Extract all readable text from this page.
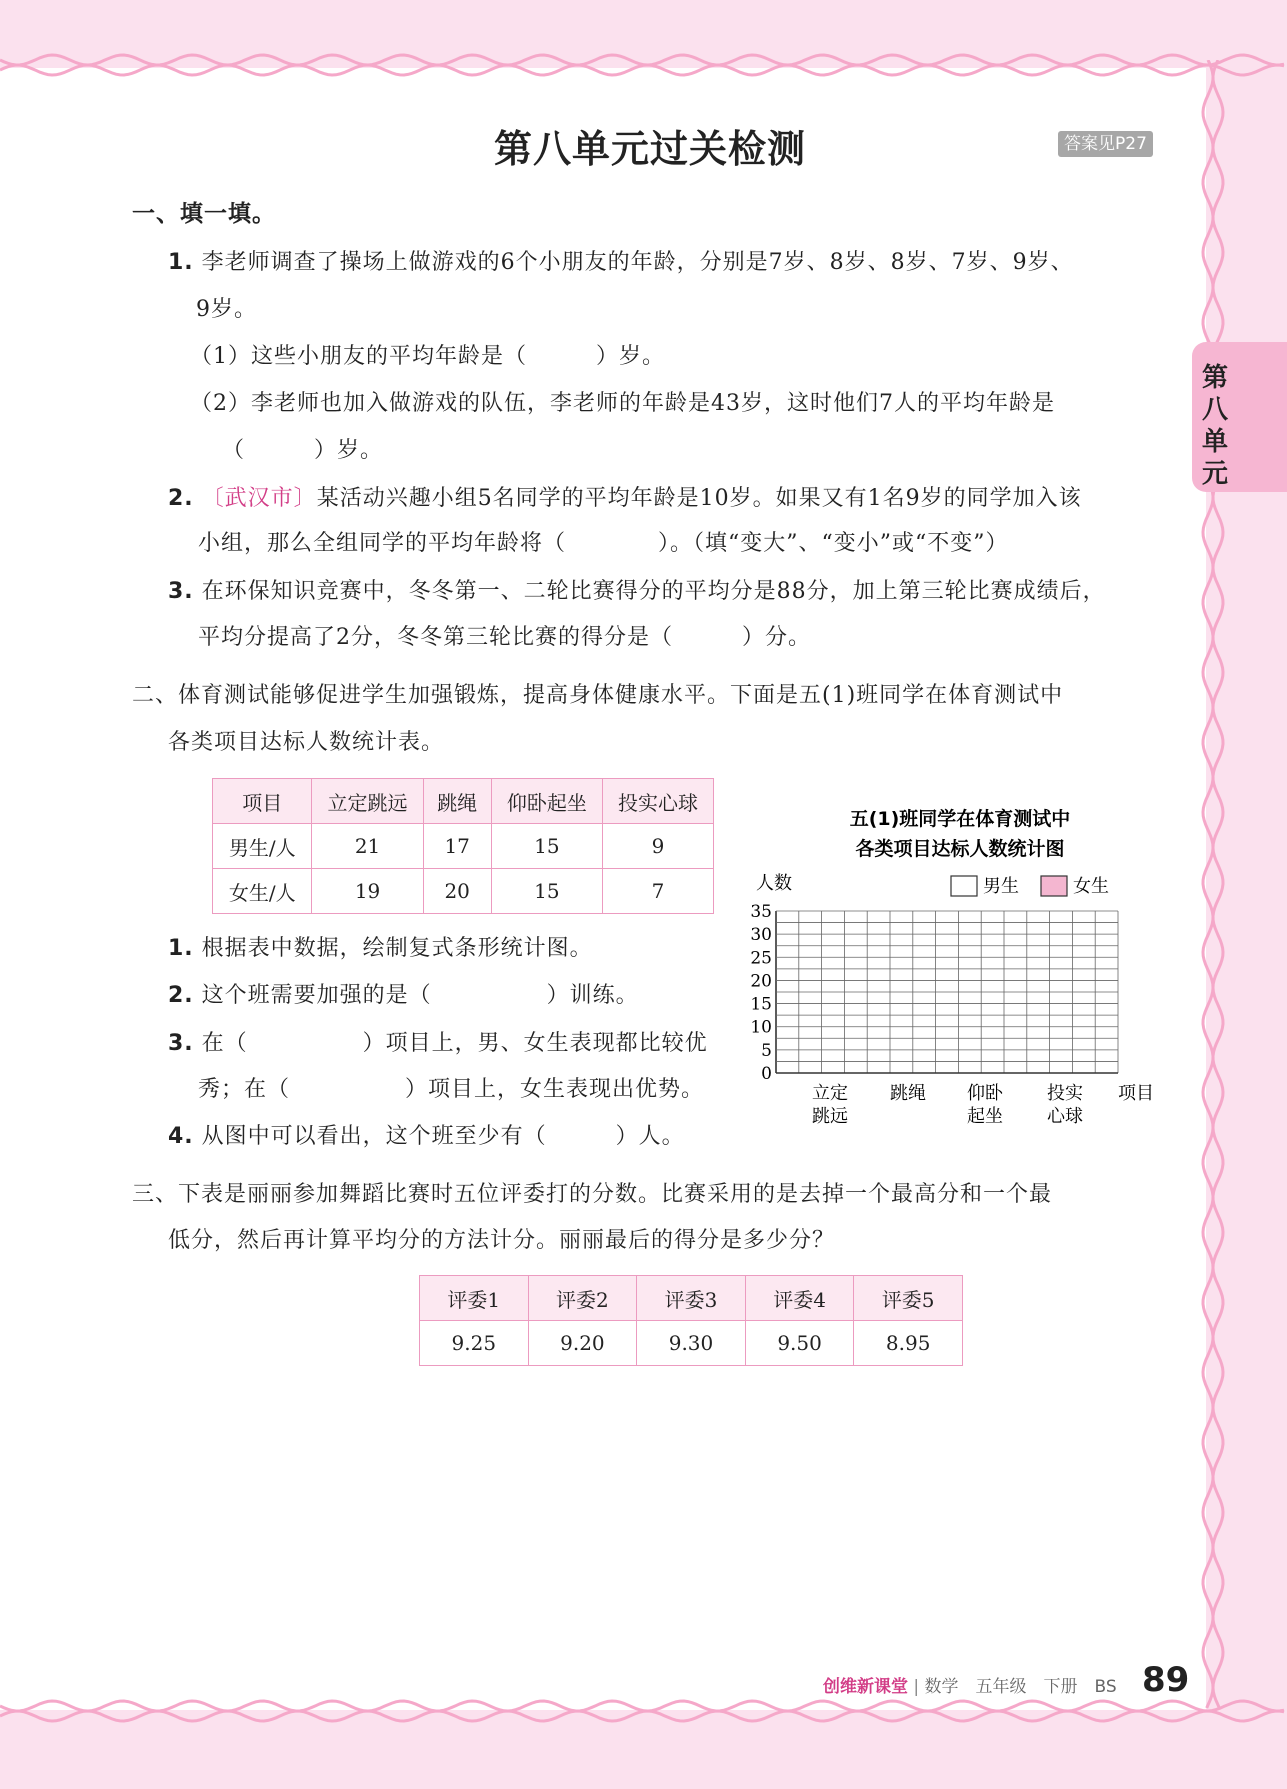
第八单元过关检测	答案见P27
第八单元
一、填一填。
1. 李老师调查了操场上做游戏的6个小朋友的年龄，分别是7岁、8岁、8岁、7岁、9岁、
9岁。
（1）这些小朋友的平均年龄是（　　　）岁。
（2）李老师也加入做游戏的队伍，李老师的年龄是43岁，这时他们7人的平均年龄是
（　　　）岁。
2. 〔武汉市〕某活动兴趣小组5名同学的平均年龄是10岁。如果又有1名9岁的同学加入该
小组，那么全组同学的平均年龄将（　　　　）。（填“变大”、“变小”或“不变”）
3. 在环保知识竞赛中，冬冬第一、二轮比赛得分的平均分是88分，加上第三轮比赛成绩后，
平均分提高了2分，冬冬第三轮比赛的得分是（　　　）分。
二、体育测试能够促进学生加强锻炼，提高身体健康水平。下面是五(1)班同学在体育测试中
各类项目达标人数统计表。
项目	立定跳远	跳绳	仰卧起坐	投实心球
男生/人	21	17	15	9
女生/人	19	20	15	7
1. 根据表中数据，绘制复式条形统计图。
2. 这个班需要加强的是（　　　　　）训练。
3. 在（　　　　　）项目上，男、女生表现都比较优
秀；在（　　　　　）项目上，女生表现出优势。
4. 从图中可以看出，这个班至少有（　　　）人。
五(1)班同学在体育测试中
各类项目达标人数统计图
人数	男生	女生
0
5
10
15
20
25
30
35
立定
跳远
跳绳 仰卧
起坐
投实
心球
项目
三、下表是丽丽参加舞蹈比赛时五位评委打的分数。比赛采用的是去掉一个最高分和一个最
低分，然后再计算平均分的方法计分。丽丽最后的得分是多少分？
评委1	评委2	评委3	评委4	评委5
9.25	9.20	9.30	9.50	8.95
创维新课堂 | 数学　五年级　下册　BS 89
